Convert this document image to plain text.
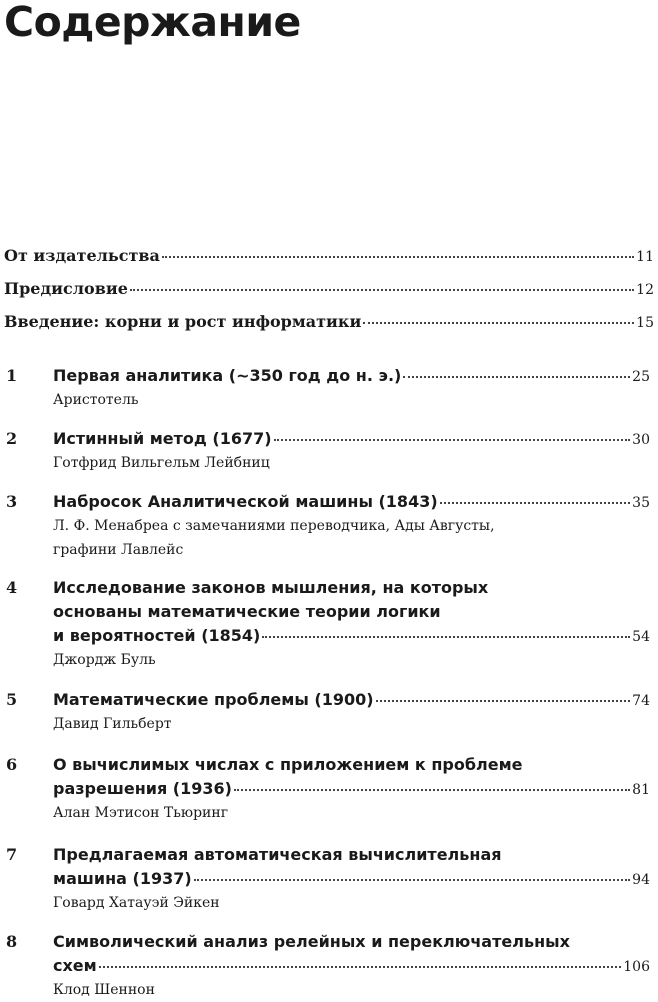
Содержание
От издательства	11
Предисловие	12
Введение: корни и рост информатики	15
1 Первая аналитика (~350 год до н. э.)	25
Аристотель
2 Истинный метод (1677)	30
Готфрид Вильгельм Лейбниц
3 Набросок Аналитической машины (1843)	35
Л. Ф. Менабреа с замечаниями переводчика, Ады Августы,
графини Лавлейс
4 Исследование законов мышления, на которых
основаны математические теории логики
и вероятностей (1854)	54
Джордж Буль
5 Математические проблемы (1900)	74
Давид Гильберт
6 О вычислимых числах с приложением к проблеме
разрешения (1936)	81
Алан Мэтисон Тьюринг
7 Предлагаемая автоматическая вычислительная
машина (1937)	94
Говард Хатауэй Эйкен
8 Символический анализ релейных и переключательных
схем	106
Клод Шеннон
